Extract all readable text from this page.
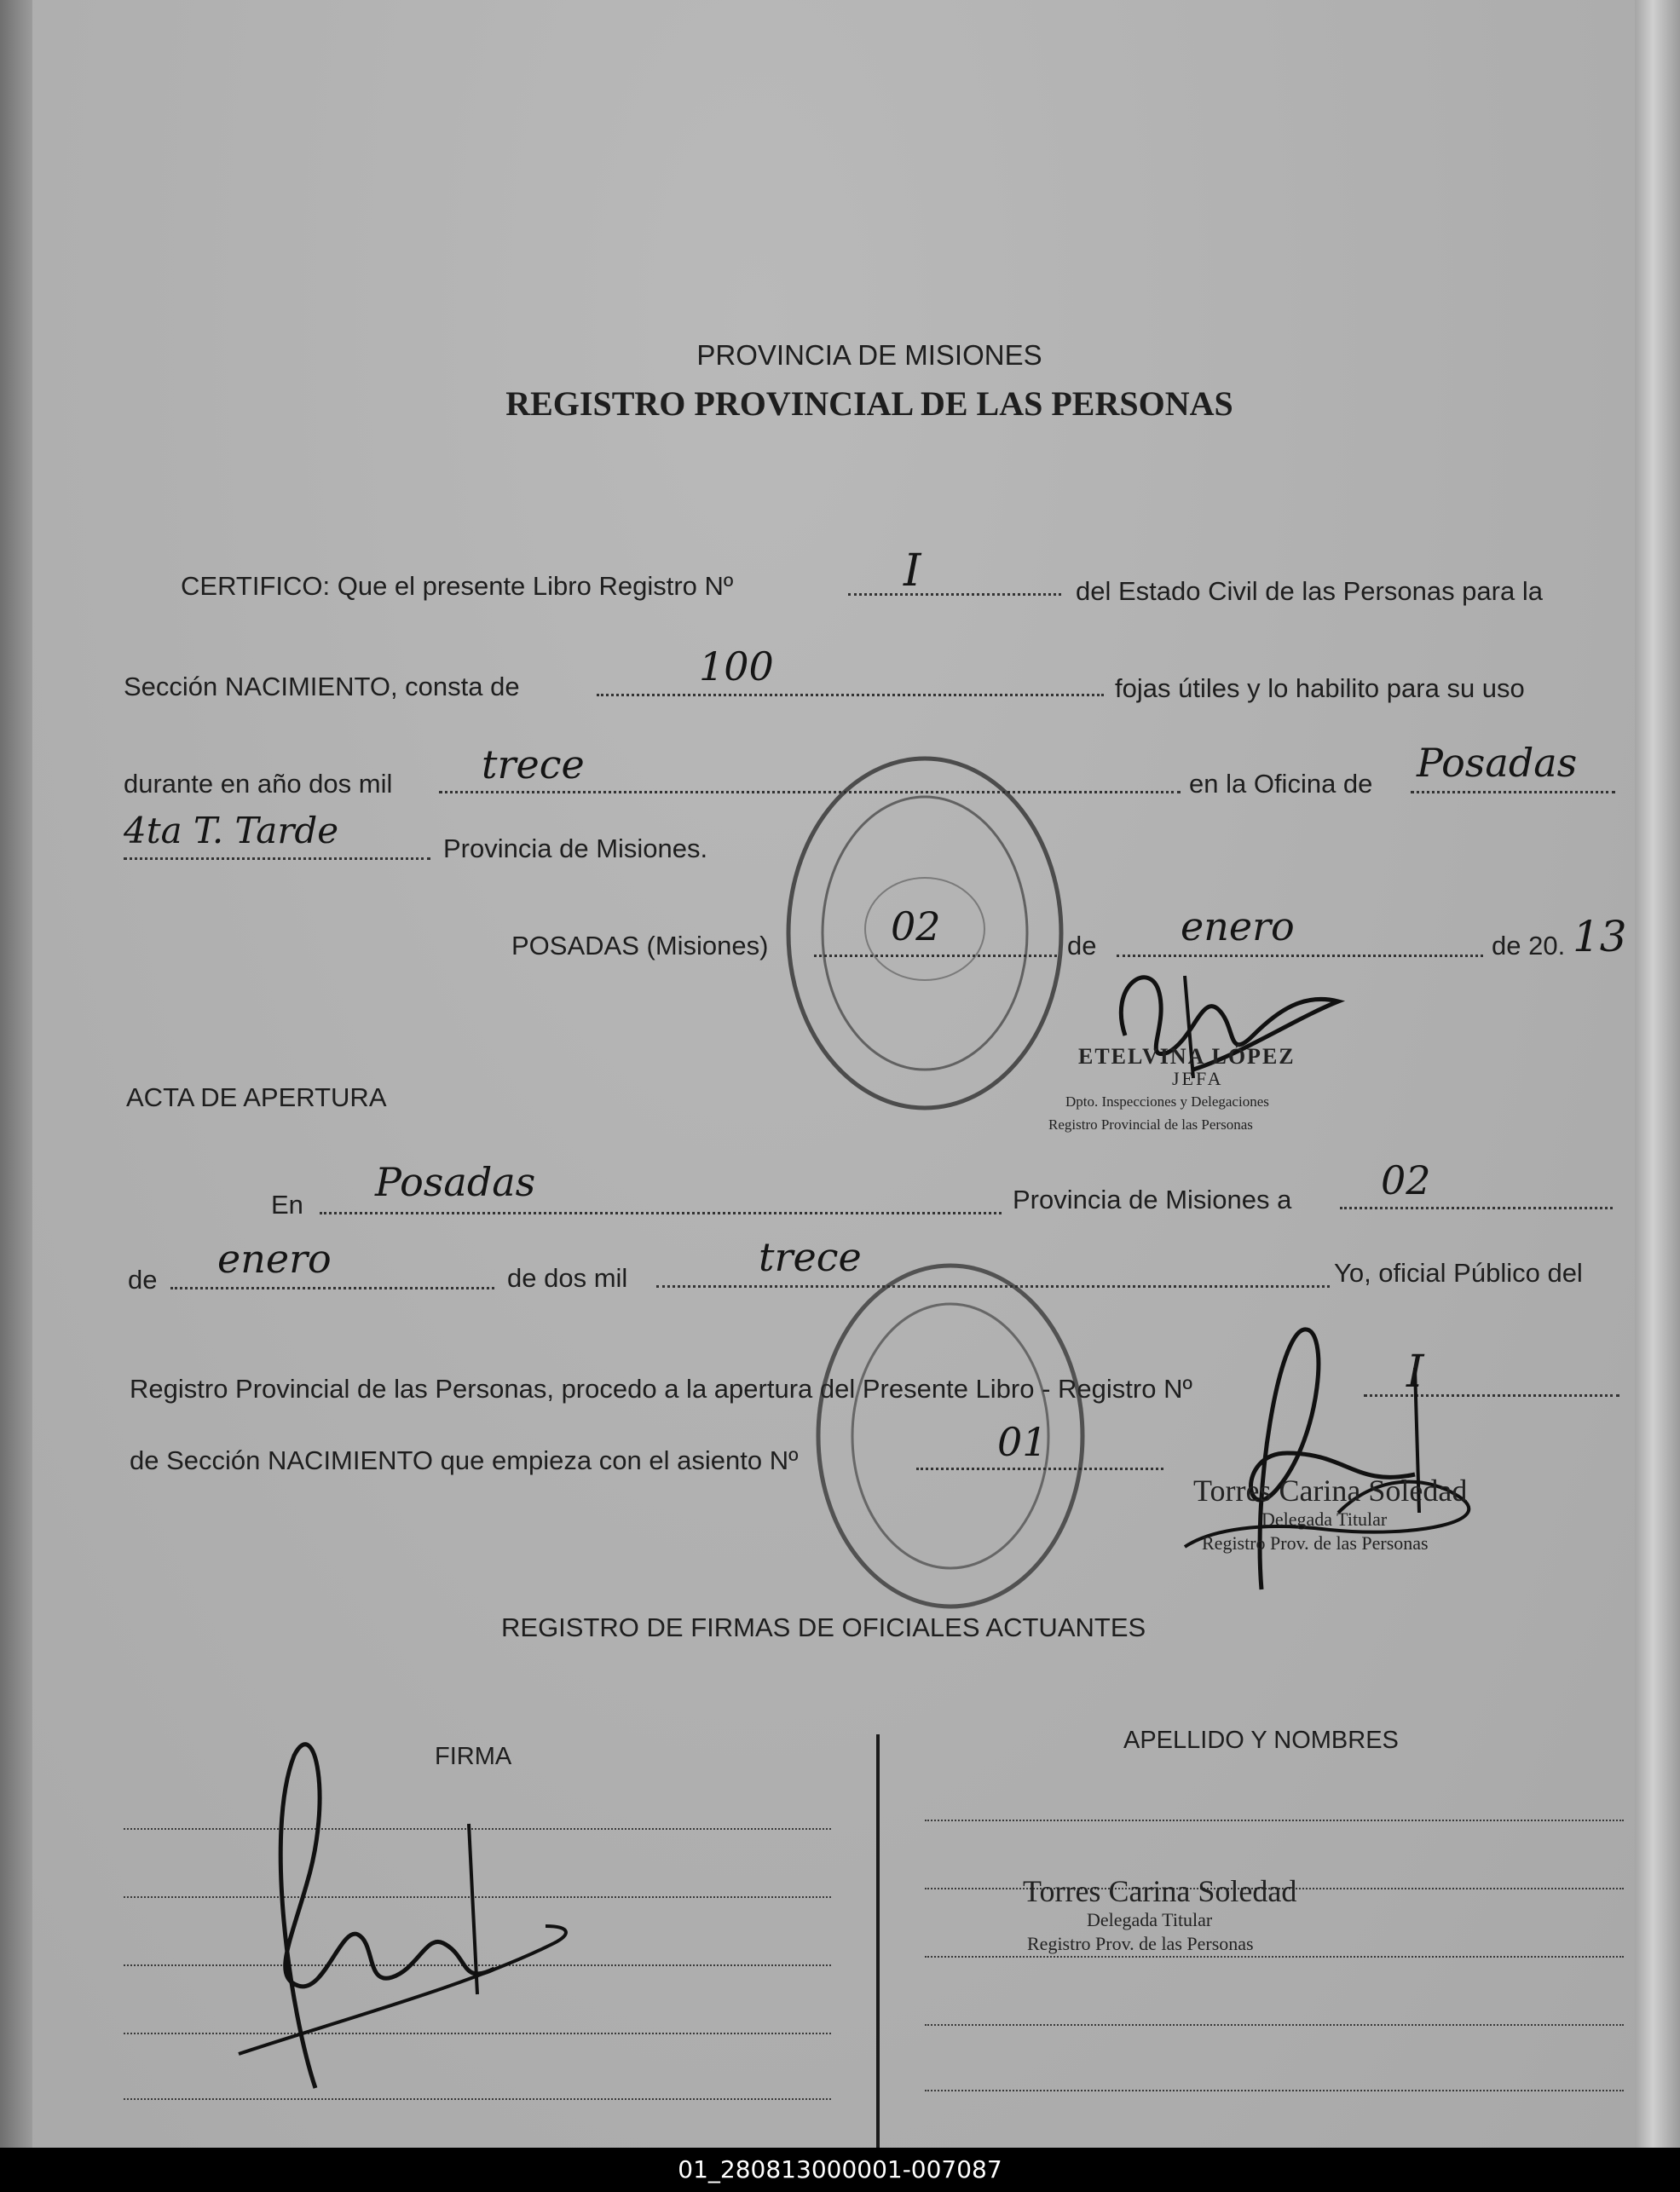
PROVINCIA DE MISIONES
REGISTRO PROVINCIAL DE LAS PERSONAS
CERTIFICO: Que el presente Libro Registro Nº	I	del Estado Civil de las Personas para la
Sección NACIMIENTO, consta de	100	fojas útiles y lo habilito para su uso
durante en año dos mil trece	en la Oficina de Posadas
4ta T. Tarde	Provincia de Misiones.
POSADAS (Misiones)	02	de enero	de 20. 13
ETELVINA LÓPEZ
JEFA
Dpto. Inspecciones y Delegaciones
Registro Provincial de las Personas
ACTA DE APERTURA
En Posadas	Provincia de Misiones a 02
de enero	de dos mil	trece	Yo, oficial Público del
Registro Provincial de las Personas, procedo a la apertura del Presente Libro - Registro Nº	I
de Sección NACIMIENTO que empieza con el asiento Nº	01
Torres Carina Soledad
Delegada Titular
Registro Prov. de las Personas
REGISTRO DE FIRMAS DE OFICIALES ACTUANTES
FIRMA
APELLIDO Y NOMBRES
Torres Carina Soledad
Delegada Titular
Registro Prov. de las Personas
01_280813000001-007087
